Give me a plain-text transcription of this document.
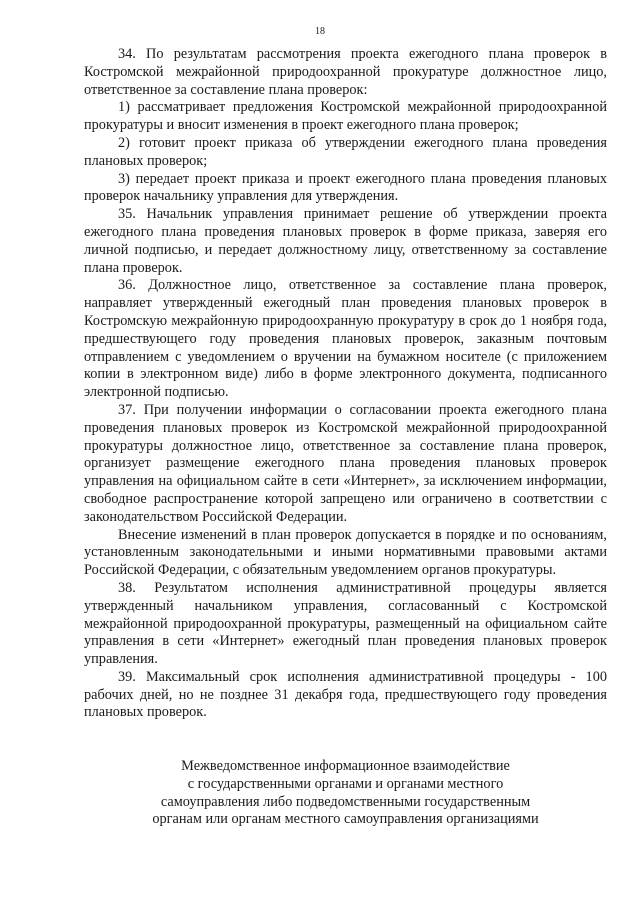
18

34. По результатам рассмотрения проекта ежегодного плана проверок в Костромской межрайонной природоохранной прокуратуре должностное лицо, ответственное за составление плана проверок:

1) рассматривает предложения Костромской межрайонной природоохранной прокуратуры и вносит изменения в проект ежегодного плана проверок;

2) готовит проект приказа об утверждении ежегодного плана проведения плановых проверок;

3) передает проект приказа и проект ежегодного плана проведения плановых проверок начальнику управления для утверждения.

35. Начальник управления принимает решение об утверждении проекта ежегодного плана проведения плановых проверок в форме приказа, заверяя его личной подписью, и передает должностному лицу, ответственному за составление плана проверок.

36. Должностное лицо, ответственное за составление плана проверок, направляет утвержденный ежегодный план проведения плановых проверок в Костромскую межрайонную природоохранную прокуратуру в срок до 1 ноября года, предшествующего году проведения плановых проверок, заказным почтовым отправлением с уведомлением о вручении на бумажном носителе (с приложением копии в электронном виде) либо в форме электронного документа, подписанного электронной подписью.

37. При получении информации о согласовании проекта ежегодного плана проведения плановых проверок из Костромской межрайонной природоохранной прокуратуры должностное лицо, ответственное за составление плана проверок, организует размещение ежегодного плана проведения плановых проверок управления на официальном сайте в сети «Интернет», за исключением информации, свободное распространение которой запрещено или ограничено в соответствии с законодательством Российской Федерации.

Внесение изменений в план проверок допускается в порядке и по основаниям, установленным законодательными и иными нормативными правовыми актами Российской Федерации, с обязательным уведомлением органов прокуратуры.

38. Результатом исполнения административной процедуры является утвержденный начальником управления, согласованный с Костромской межрайонной природоохранной прокуратуры, размещенный на официальном сайте управления в сети «Интернет» ежегодный план проведения плановых проверок управления.

39. Максимальный срок исполнения административной процедуры - 100 рабочих дней, но не позднее 31 декабря года, предшествующего году проведения плановых проверок.

Межведомственное информационное взаимодействие
с государственными органами и органами местного
самоуправления либо подведомственными государственным
органам или органам местного самоуправления организациями
